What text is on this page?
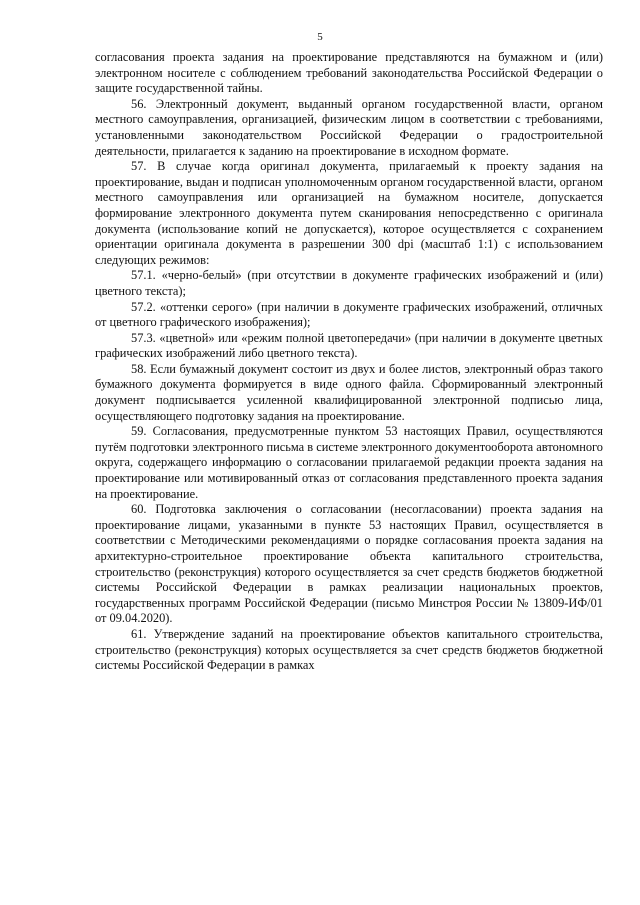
5

согласования проекта задания на проектирование представляются на бумажном и (или) электронном носителе с соблюдением требований законодательства Российской Федерации о защите государственной тайны.

56. Электронный документ, выданный органом государственной власти, органом местного самоуправления, организацией, физическим лицом в соответствии с требованиями, установленными законодательством Российской Федерации о градостроительной деятельности, прилагается к заданию на проектирование в исходном формате.

57. В случае когда оригинал документа, прилагаемый к проекту задания на проектирование, выдан и подписан уполномоченным органом государственной власти, органом местного самоуправления или организацией на бумажном носителе, допускается формирование электронного документа путем сканирования непосредственно с оригинала документа (использование копий не допускается), которое осуществляется с сохранением ориентации оригинала документа в разрешении 300 dpi (масштаб 1:1) с использованием следующих режимов:

57.1. «черно-белый» (при отсутствии в документе графических изображений и (или) цветного текста);

57.2. «оттенки серого» (при наличии в документе графических изображений, отличных от цветного графического изображения);

57.3. «цветной» или «режим полной цветопередачи» (при наличии в документе цветных графических изображений либо цветного текста).

58. Если бумажный документ состоит из двух и более листов, электронный образ такого бумажного документа формируется в виде одного файла. Сформированный электронный документ подписывается усиленной квалифицированной электронной подписью лица, осуществляющего подготовку задания на проектирование.

59. Согласования, предусмотренные пунктом 53 настоящих Правил, осуществляются путём подготовки электронного письма в системе электронного документооборота автономного округа, содержащего информацию о согласовании прилагаемой редакции проекта задания на проектирование или мотивированный отказ от согласования представленного проекта задания на проектирование.

60. Подготовка заключения о согласовании (несогласовании) проекта задания на проектирование лицами, указанными в пункте 53 настоящих Правил, осуществляется в соответствии с Методическими рекомендациями о порядке согласования проекта задания на архитектурно-строительное проектирование объекта капитального строительства, строительство (реконструкция) которого осуществляется за счет средств бюджетов бюджетной системы Российской Федерации в рамках реализации национальных проектов, государственных программ Российской Федерации (письмо Минстроя России № 13809-ИФ/01 от 09.04.2020).

61. Утверждение заданий на проектирование объектов капитального строительства, строительство (реконструкция) которых осуществляется за счет средств бюджетов бюджетной системы Российской Федерации в рамках
